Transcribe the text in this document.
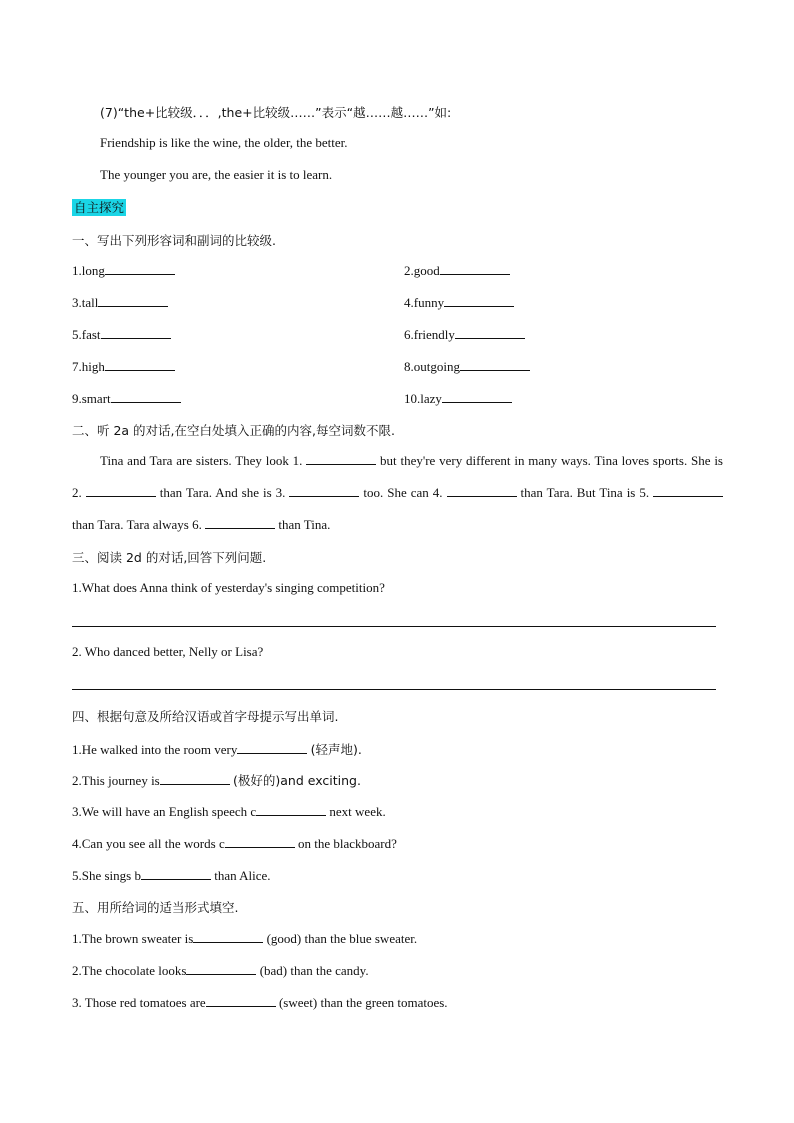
(7)“the+比较级．．．,the+比较级……”表示“越……越……”如:
Friendship is like the wine, the older, the better.
The younger you are, the easier it is to learn.
自主探究
一、写出下列形容词和副词的比较级.
1.long	2.good
3.tall	4.funny
5.fast	6.friendly
7.high	8.outgoing
9.smart	10.lazy
二、听 2a 的对话,在空白处填入正确的内容,每空词数不限.
Tina and Tara are sisters. They look 1.	but they're very different in many ways. Tina loves sports. She is 2.	than Tara. And she is 3.	too. She can 4.	than Tara. But Tina is 5.  than Tara. Tara always 6.	than Tina.
三、阅读 2d 的对话,回答下列问题.
1.What does Anna think of yesterday's singing competition?
2. Who danced better, Nelly or Lisa?
四、根据句意及所给汉语或首字母提示写出单词.
1.He walked into the room very	(轻声地).
2.This journey is	(极好的)and exciting.
3.We will have an English speech c	next week.
4.Can you see all the words c	on the blackboard?
5.She sings b	than Alice.
五、用所给词的适当形式填空.
1.The brown sweater is	(good) than the blue sweater.
2.The chocolate looks	(bad) than the candy.
3. Those red tomatoes are	(sweet) than the green tomatoes.
